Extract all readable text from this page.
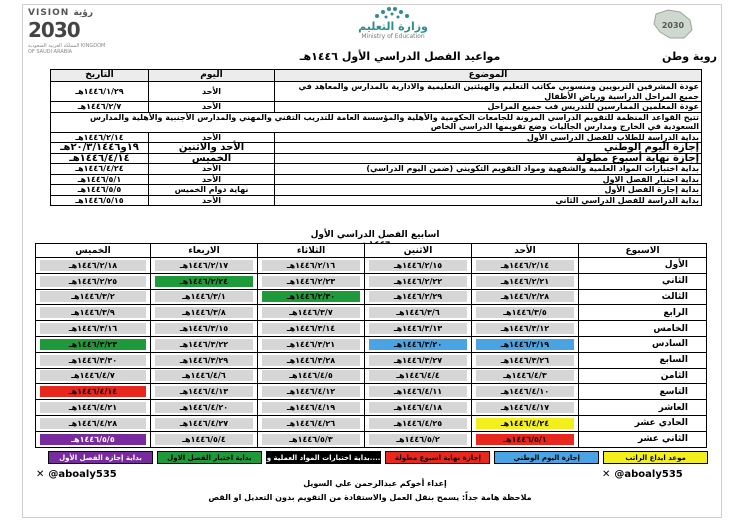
VISION رؤية
2030
المملكة العربية السعودية KINGDOM OF SAUDI ARABIA
وزارة التعليم
Ministry of Education
2030
مواعيد الفصل الدراسي الأول ١٤٤٦هـ	روية وطن
التاريخ	اليوم	الموضوع
١٤٤٦/١/٢٩هـ	الأحد	عودة المشرفين التربويين ومنسوبي مكاتب التعليم والهيئتين التعليمية والادارية بالمدارس والمعاهد في جميع المراحل الدراسية ورياض الأطفال
١٤٤٦/٢/٧هـ	الأحد	عودة المعلمين الممارسين للتدريس فب جميع المراحل
تتيح القواعد المنظمة للتقويم الدراسي المرونة للجامعات الحكومية والأهلية والمؤسسة العامة للتدريب التقني والمهني والمدارس الأجنبية والأهلية والمدارس السعودية في الخارج ومدارس الجاليات وضع تقويمها الدراسي الخاص		
١٤٤٦/٢/١٤هـ	الأحد	بداية الدراسة للطلاب للفصل الدراسي الأول
١٩و٢٠/٣/١٤٤٦هـ	الأحد والاثنين	إجازة اليوم الوطني
١٤٤٦/٤/١٤هـ	الخميس	إجازة نهاية أسبوع مطولة
١٤٤٦/٤/٢٤هـ	الأحد	بداية اختبارات المواد العلمية والشفهية ومواد التقويم التكويني (ضمن اليوم الدراسي)
١٤٤٦/٥/١هـ	الأحد	بداية اختبار الفصل الاول
١٤٤٦/٥/٥هـ	نهاية دوام الخميس	بداية إجازة الفصل الأول
١٤٤٦/٥/١٥هـ	الأحد	بداية الدراسة للفصل الدراسي الثاني
اسابيع الفصل الدراسي الأول
الخميس	الاربعاء	الثلاثاء	الاثنين	الأحد	الاسبوع

١٤٤٦/٢/١٨هـ	١٤٤٦/٢/١٧هـ	١٤٤٦/٢/١٦هـ	١٤٤٦/٢/١٥هـ	١٤٤٦/٢/١٤هـ	الأول

١٤٤٦/٢/٢٥هـ	١٤٤٦/٢/٢٤هـ	١٤٤٦/٢/٢٣هـ	١٤٤٦/٢/٢٢هـ	١٤٤٦/٢/٢١هـ	الثاني

١٤٤٦/٣/٢هـ	١٤٤٦/٣/١هـ	١٤٤٦/٢/٣٠هـ	١٤٤٦/٢/٢٩هـ	١٤٤٦/٢/٢٨هـ	الثالث

١٤٤٦/٣/٩هـ	١٤٤٦/٣/٨هـ	١٤٤٦/٣/٧هـ	١٤٤٦/٣/٦هـ	١٤٤٦/٣/٥هـ	الرابع

١٤٤٦/٣/١٦هـ	١٤٤٦/٣/١٥هـ	١٤٤٦/٣/١٤هـ	١٤٤٦/٣/١٣هـ	١٤٤٦/٣/١٢هـ	الخامس

١٤٤٦/٣/٢٣هـ	١٤٤٦/٣/٢٢هـ	١٤٤٦/٣/٢١هـ	١٤٤٦/٣/٢٠هـ	١٤٤٦/٣/١٩هـ	السادس

١٤٤٦/٣/٣٠هـ	١٤٤٦/٣/٢٩هـ	١٤٤٦/٣/٢٨هـ	١٤٤٦/٣/٢٧هـ	١٤٤٦/٣/٢٦هـ	السابع

١٤٤٦/٤/٧هـ	١٤٤٦/٤/٦هـ	١٤٤٦/٤/٥هـ	١٤٤٦/٤/٤هـ	١٤٤٦/٤/٣هـ	الثامن

١٤٤٦/٤/١٤هـ	١٤٤٦/٤/١٣هـ	١٤٤٦/٤/١٢هـ	١٤٤٦/٤/١١هـ	١٤٤٦/٤/١٠هـ	التاسع

١٤٤٦/٤/٢١هـ	١٤٤٦/٤/٢٠هـ	١٤٤٦/٤/١٩هـ	١٤٤٦/٤/١٨هـ	١٤٤٦/٤/١٧هـ	العاشر

١٤٤٦/٤/٢٨هـ	١٤٤٦/٤/٢٧هـ	١٤٤٦/٤/٢٦هـ	١٤٤٦/٤/٢٥هـ	١٤٤٦/٤/٢٤هـ	الحادي عشر

١٤٤٦/٥/٥هـ	١٤٤٦/٥/٤هـ	١٤٤٦/٥/٣هـ	١٤٤٦/٥/٢هـ	١٤٤٦/٥/١هـ	الثاني عشر
موعد ايداع الراتب
إجازة اليوم الوطني
إجازة نهاية اسبوع مطولة
بداية اختبارات المواد العملية و....
بداية اختبار الفصل الاول
بداية إجازة الفصل الأول
✕ @aboaly535	✕ @aboaly535
إعداء أخوكم عبدالرحمن علي السويل
ملاحظة هامة جداً: يسمح بنقل العمل والاستفادة من التقويم بدون التعديل او القص
